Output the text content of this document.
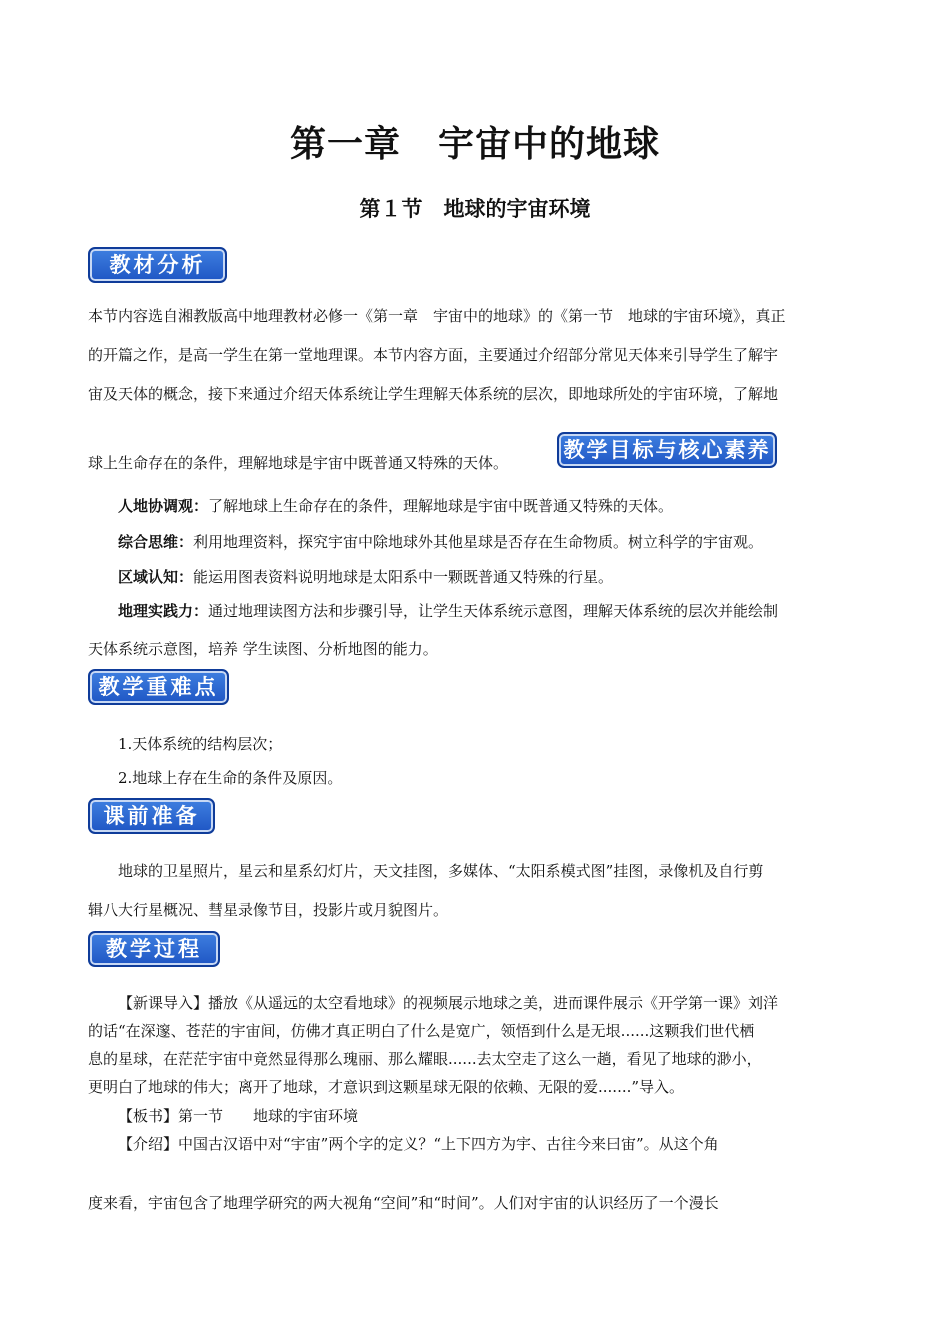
第一章　宇宙中的地球
第１节　地球的宇宙环境
教材分析
本节内容选自湘教版高中地理教材必修一《第一章　宇宙中的地球》的《第一节　地球的宇宙环境》，真正
的开篇之作，是高一学生在第一堂地理课。本节内容方面，主要通过介绍部分常见天体来引导学生了解宇
宙及天体的概念，接下来通过介绍天体系统让学生理解天体系统的层次，即地球所处的宇宙环境，了解地
球上生命存在的条件，理解地球是宇宙中既普通又特殊的天体。
教学目标与核心素养
人地协调观：了解地球上生命存在的条件，理解地球是宇宙中既普通又特殊的天体。
综合思维：利用地理资料，探究宇宙中除地球外其他星球是否存在生命物质。树立科学的宇宙观。
区域认知：能运用图表资料说明地球是太阳系中一颗既普通又特殊的行星。
地理实践力：通过地理读图方法和步骤引导，让学生天体系统示意图，理解天体系统的层次并能绘制
天体系统示意图，培养 学生读图、分析地图的能力。
教学重难点
1.天体系统的结构层次；
2.地球上存在生命的条件及原因。
课前准备
地球的卫星照片，星云和星系幻灯片，天文挂图，多媒体、“太阳系模式图”挂图，录像机及自行剪
辑八大行星概况、彗星录像节目，投影片或月貌图片。
教学过程
【新课导入】播放《从遥远的太空看地球》的视频展示地球之美，进而课件展示《开学第一课》刘洋
的话“在深邃、苍茫的宇宙间，仿佛才真正明白了什么是宽广，领悟到什么是无垠......这颗我们世代栖
息的星球，在茫茫宇宙中竟然显得那么瑰丽、那么耀眼......去太空走了这么一趟，看见了地球的渺小，
更明白了地球的伟大；离开了地球，才意识到这颗星球无限的依赖、无限的爱.......”导入。
【板书】第一节　　地球的宇宙环境
【介绍】中国古汉语中对“宇宙”两个字的定义？“上下四方为宇、古往今来曰宙”。从这个角
度来看，宇宙包含了地理学研究的两大视角“空间”和“时间”。人们对宇宙的认识经历了一个漫长
